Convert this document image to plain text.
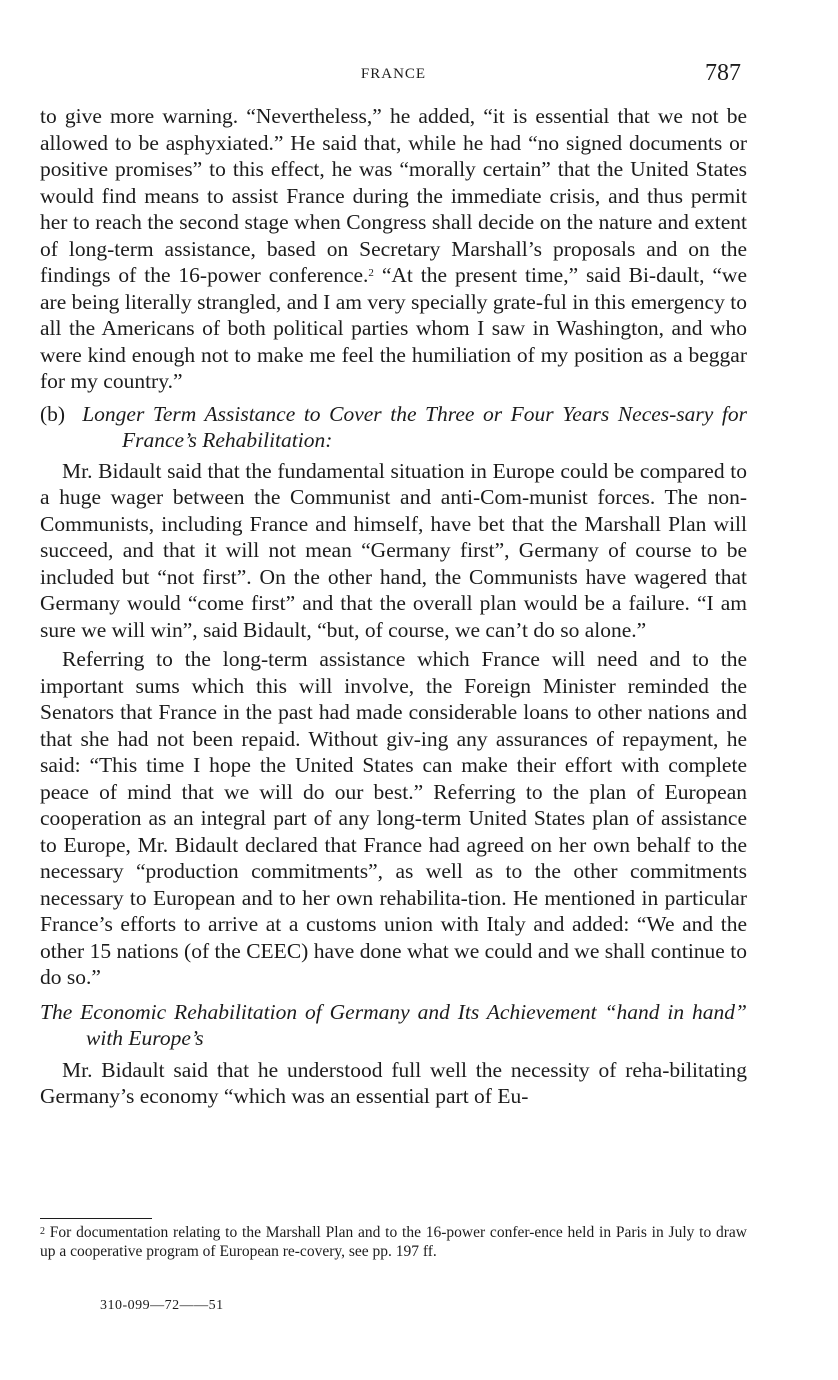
FRANCE	787

to give more warning. “Nevertheless,” he added, “it is essential that we not be allowed to be asphyxiated.” He said that, while he had “no signed documents or positive promises” to this effect, he was “morally certain” that the United States would find means to assist France during the immediate crisis, and thus permit her to reach the second stage when Congress shall decide on the nature and extent of long-term assistance, based on Secretary Marshall’s proposals and on the findings of the 16-power conference.$^2$ “At the present time,” said Bi-dault, “we are being literally strangled, and I am very specially grate-ful in this emergency to all the Americans of both political parties whom I saw in Washington, and who were kind enough not to make me feel the humiliation of my position as a beggar for my country.”

(b) Longer Term Assistance to Cover the Three or Four Years Neces-sary for France’s Rehabilitation:

Mr. Bidault said that the fundamental situation in Europe could be compared to a huge wager between the Communist and anti-Com-munist forces. The non-Communists, including France and himself, have bet that the Marshall Plan will succeed, and that it will not mean “Germany first”, Germany of course to be included but “not first”. On the other hand, the Communists have wagered that Germany would “come first” and that the overall plan would be a failure. “I am sure we will win”, said Bidault, “but, of course, we can’t do so alone.”

Referring to the long-term assistance which France will need and to the important sums which this will involve, the Foreign Minister reminded the Senators that France in the past had made considerable loans to other nations and that she had not been repaid. Without giv-ing any assurances of repayment, he said: “This time I hope the United States can make their effort with complete peace of mind that we will do our best.” Referring to the plan of European cooperation as an integral part of any long-term United States plan of assistance to Europe, Mr. Bidault declared that France had agreed on her own behalf to the necessary “production commitments”, as well as to the other commitments necessary to European and to her own rehabilita-tion. He mentioned in particular France’s efforts to arrive at a customs union with Italy and added: “We and the other 15 nations (of the CEEC) have done what we could and we shall continue to do so.”

The Economic Rehabilitation of Germany and Its Achievement “hand in hand” with Europe’s

Mr. Bidault said that he understood full well the necessity of reha-bilitating Germany’s economy “which was an essential part of Eu-

$^2$ For documentation relating to the Marshall Plan and to the 16-power confer-ence held in Paris in July to draw up a cooperative program of European re-covery, see pp. 197 ff.
310-099—72——51
